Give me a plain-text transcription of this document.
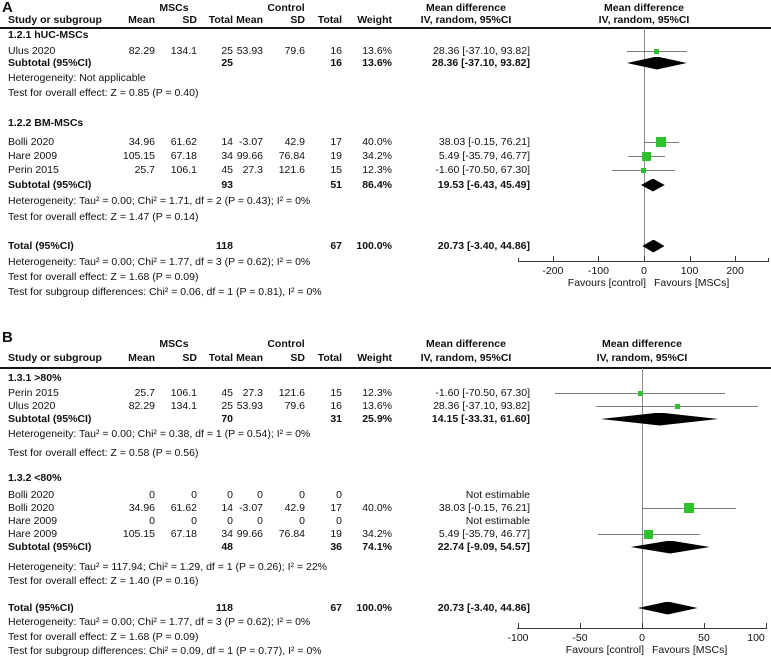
A	MSCs	Control	Mean difference	Mean difference
Study or subgroup	Mean	SD	Total Mean	SD	Total	Weight	IV, random, 95%CI	IV, random, 95%CI
1.2.1 hUC-MSCs
Ulus 2020	82.29	134.1	25 53.93	79.6	16	13.6%	28.36 [-37.10, 93.82]
Subtotal (95%CI)	25	16	13.6%	28.36 [-37.10, 93.82]
Heterogeneity: Not applicable
Test for overall effect: Z = 0.85 (P = 0.40)
1.2.2 BM-MSCs
Bolli 2020	34.96	61.62	14 -3.07	42.9	17	40.0%	38.03 [-0.15, 76.21]
Hare 2009	105.15	67.18	34 99.66	76.84	19	34.2%	5.49 [-35.79, 46.77]
Perin 2015	25.7	106.1	45 27.3	121.6	15	12.3%	-1.60 [-70.50, 67.30]
Subtotal (95%CI)	93	51	86.4%	19.53 [-6.43, 45.49]
Heterogeneity: Tau² = 0.00; Chi² = 1.71, df = 2 (P = 0.43); I² = 0%
Test for overall effect: Z = 1.47 (P = 0.14)
Total (95%CI)	118	67	100.0%	20.73 [-3.40, 44.86]
Heterogeneity: Tau² = 0.00; Chi² = 1.77, df = 3 (P = 0.62); I² = 0%
Test for overall effect: Z = 1.68 (P = 0.09)
Test for subgroup differences: Chi² = 0.06, df = 1 (P = 0.81), I² = 0%
-200 -100	0	100	200
Favours [control] Favours [MSCs]
B	MSCs	Control	Mean difference	Mean difference
Study or subgroup	Mean	SD	Total Mean	SD	Total	Weight	IV, random, 95%CI	IV, random, 95%CI
1.3.1 >80%
Perin 2015	25.7	106.1	45 27.3	121.6	15	12.3%	-1.60 [-70.50, 67.30]
Ulus 2020	82.29	134.1	25 53.93	79.6	16	13.6%	28.36 [-37.10, 93.82]
Subtotal (95%CI)	70	31	25.9%	14.15 [-33.31, 61.60]
Heterogeneity: Tau² = 0.00; Chi² = 0.38, df = 1 (P = 0.54); I² = 0%
Test for overall effect: Z = 0.58 (P = 0.56)
1.3.2 <80%
Bolli 2020	0	0	0	0	0	0	Not estimable
Bolli 2020	34.96	61.62	14 -3.07	42.9	17	40.0%	38.03 [-0.15, 76.21]
Hare 2009	0	0	0	0	0	0	Not estimable
Hare 2009	105.15	67.18	34 99.66	76.84	19	34.2%	5.49 [-35.79, 46.77]
Subtotal (95%CI)	48	36	74.1%	22.74 [-9.09, 54.57]
Heterogeneity: Tau² = 117.94; Chi² = 1.29, df = 1 (P = 0.26); I² = 22%
Test for overall effect: Z = 1.40 (P = 0.16)
Total (95%CI)	118	67	100.0%	20.73 [-3.40, 44.86]
Heterogeneity: Tau² = 0.00; Chi² = 1.77, df = 3 (P = 0.62); I² = 0%
Test for overall effect: Z = 1.68 (P = 0.09)
Test for subgroup differences: Chi² = 0.09, df = 1 (P = 0.77), I² = 0%
-100	-50	0	50	100
Favours [control] Favours [MSCs]
